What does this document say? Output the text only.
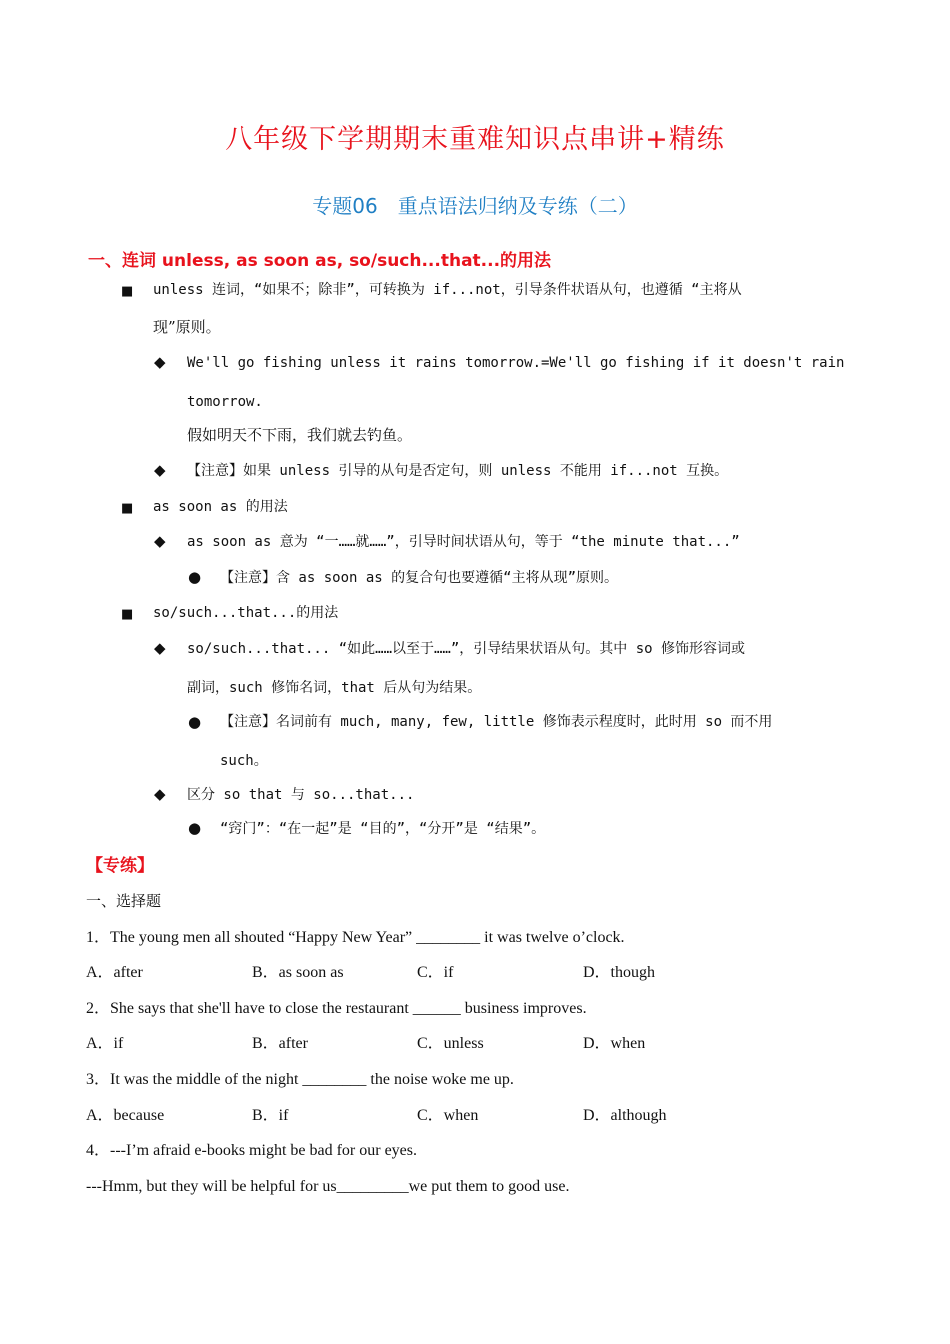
八年级下学期期末重难知识点串讲+精练
专题06　重点语法归纳及专练（二）
一、连词 unless, as soon as, so/such...that...的用法
■ unless 连词，“如果不；除非”，可转换为 if...not，引导条件状语从句，也遵循 “主将从
现”原则。
◆ We'll go fishing unless it rains tomorrow.=We'll go fishing if it doesn't rain
tomorrow.
假如明天不下雨，我们就去钓鱼。
◆ 【注意】如果 unless 引导的从句是否定句，则 unless 不能用 if...not 互换。
■ as soon as 的用法
◆ as soon as 意为 “一……就……”，引导时间状语从句，等于 “the minute that...”
● 【注意】含 as soon as 的复合句也要遵循“主将从现”原则。
■ so/such...that...的用法
◆ so/such...that... “如此……以至于……”，引导结果状语从句。其中 so 修饰形容词或
副词，such 修饰名词，that 后从句为结果。
● 【注意】名词前有 much, many, few, little 修饰表示程度时，此时用 so 而不用
such。
◆ 区分 so that 与 so...that...
● “窍门”：“在一起”是 “目的”，“分开”是 “结果”。
【专练】
一、选择题
1．The young men all shouted “Happy New Year” ________ it was twelve o’clock.
A．after	B．as soon as	C．if	D．though
2．She says that she'll have to close the restaurant ______ business improves.
A．if	B．after	C．unless	D．when
3．It was the middle of the night ________ the noise woke me up.
A．because	B．if	C．when	D．although
4．---I’m afraid e-books might be bad for our eyes.
---Hmm, but they will be helpful for us_________we put them to good use.
